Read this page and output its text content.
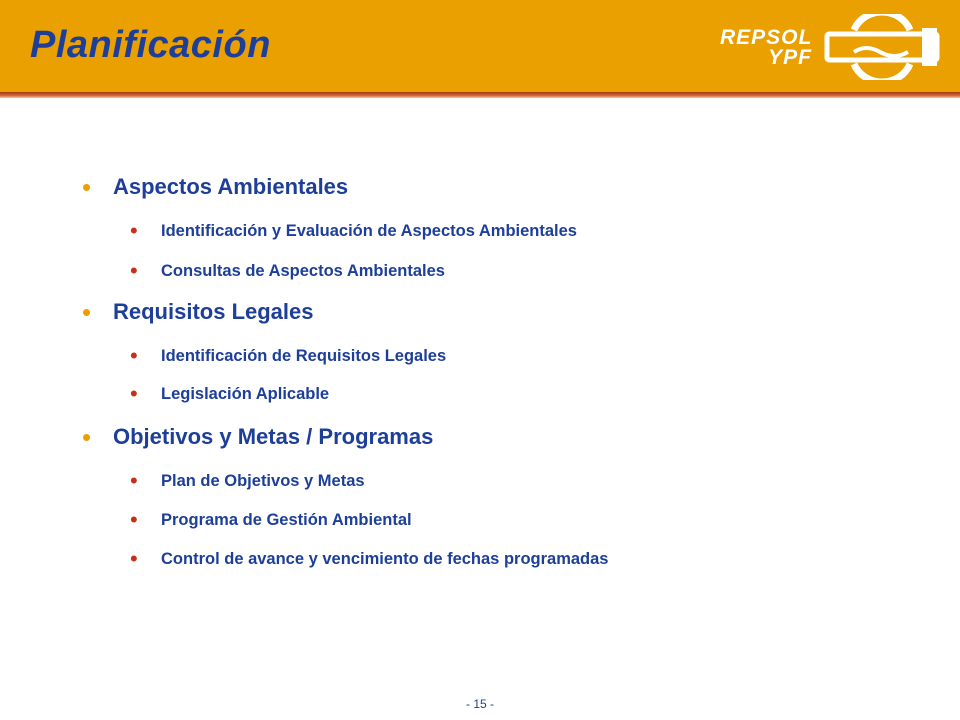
Planificación	REPSOL
YPF
• Aspectos Ambientales
• Identificación y Evaluación de Aspectos Ambientales
• Consultas de Aspectos Ambientales
• Requisitos Legales
• Identificación de Requisitos Legales
• Legislación Aplicable
• Objetivos y Metas / Programas
• Plan de Objetivos y Metas
• Programa de Gestión Ambiental
• Control de avance y vencimiento de fechas programadas
- 15 -
